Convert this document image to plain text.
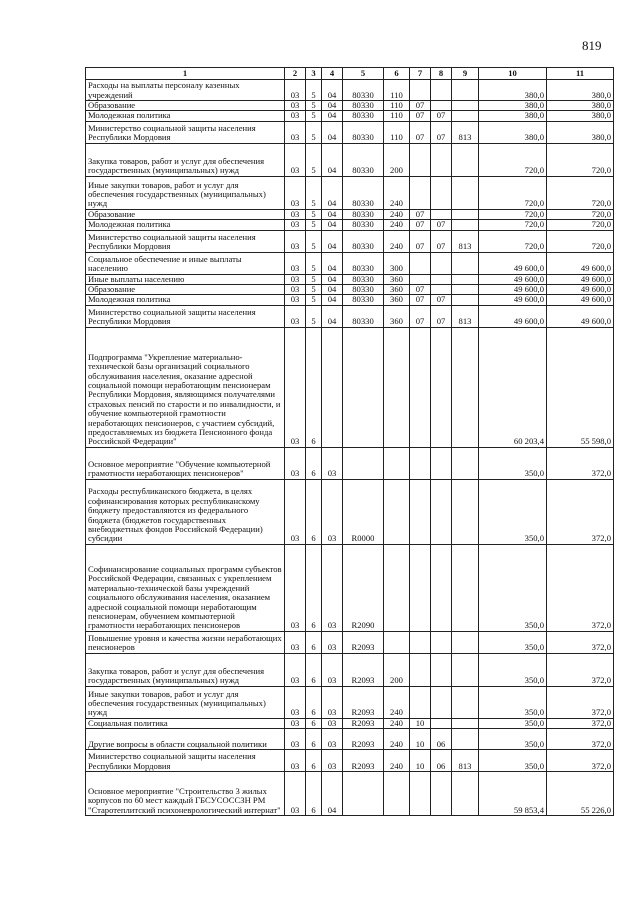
819
1	2	3	4	5	6	7	8	9	10	11
Расходы на выплаты персоналу казенных учреждений	03	5	04	80330	110				380,0	380,0
Образование	03	5	04	80330	110	07			380,0	380,0
Молодежная политика	03	5	04	80330	110	07	07		380,0	380,0
Министерство социальной защиты населения Республики Мордовия	03	5	04	80330	110	07	07	813	380,0	380,0
Закупка товаров, работ и услуг для обеспечения государственных (муниципальных) нужд	03	5	04	80330	200				720,0	720,0
Иные закупки товаров, работ и услуг для обеспечения государственных (муниципальных) нужд	03	5	04	80330	240				720,0	720,0
Образование	03	5	04	80330	240	07			720,0	720,0
Молодежная политика	03	5	04	80330	240	07	07		720,0	720,0
Министерство социальной защиты населения Республики Мордовия	03	5	04	80330	240	07	07	813	720,0	720,0
Социальное обеспечение и иные выплаты населению	03	5	04	80330	300				49 600,0	49 600,0
Иные выплаты населению	03	5	04	80330	360				49 600,0	49 600,0
Образование	03	5	04	80330	360	07			49 600,0	49 600,0
Молодежная политика	03	5	04	80330	360	07	07		49 600,0	49 600,0
Министерство социальной защиты населения Республики Мордовия	03	5	04	80330	360	07	07	813	49 600,0	49 600,0
Подпрограмма "Укрепление материально-технической базы организаций социального обслуживания населения, оказание адресной социальной помощи неработающим пенсионерам Республики Мордовия, являющимся получателями страховых пенсий по старости и по инвалидности, и обучение компьютерной грамотности неработающих пенсионеров, с участием субсидий, предоставляемых из бюджета Пенсионного фонда Российской Федерации"	03	6							60 203,4	55 598,0
Основное мероприятие "Обучение компьютерной грамотности неработающих пенсионеров"	03	6	03						350,0	372,0
Расходы республиканского бюджета, в целях софинансирования которых республиканскому бюджету предоставляются из федерального бюджета (бюджетов государственных внебюджетных фондов Российской Федерации) субсидии	03	6	03	R0000					350,0	372,0
Софинансирование социальных программ субъектов Российской Федерации, связанных с укреплением материально-технической базы учреждений социального обслуживания населения, оказанием адресной социальной помощи неработающим пенсионерам, обучением компьютерной грамотности неработающих пенсионеров	03	6	03	R2090					350,0	372,0
Повышение уровня и качества жизни неработающих пенсионеров	03	6	03	R2093					350,0	372,0
Закупка товаров, работ и услуг для обеспечения государственных (муниципальных) нужд	03	6	03	R2093	200				350,0	372,0
Иные закупки товаров, работ и услуг для обеспечения государственных (муниципальных) нужд	03	6	03	R2093	240				350,0	372,0
Социальная политика	03	6	03	R2093	240	10			350,0	372,0
Другие вопросы в области социальной политики	03	6	03	R2093	240	10	06		350,0	372,0
Министерство социальной защиты населения Республики Мордовия	03	6	03	R2093	240	10	06	813	350,0	372,0
Основное мероприятие "Строительство 3 жилых корпусов по 60 мест каждый ГБСУСОССЗН РМ "Старотеплитский психоневрологический интернат"	03	6	04						59 853,4	55 226,0
